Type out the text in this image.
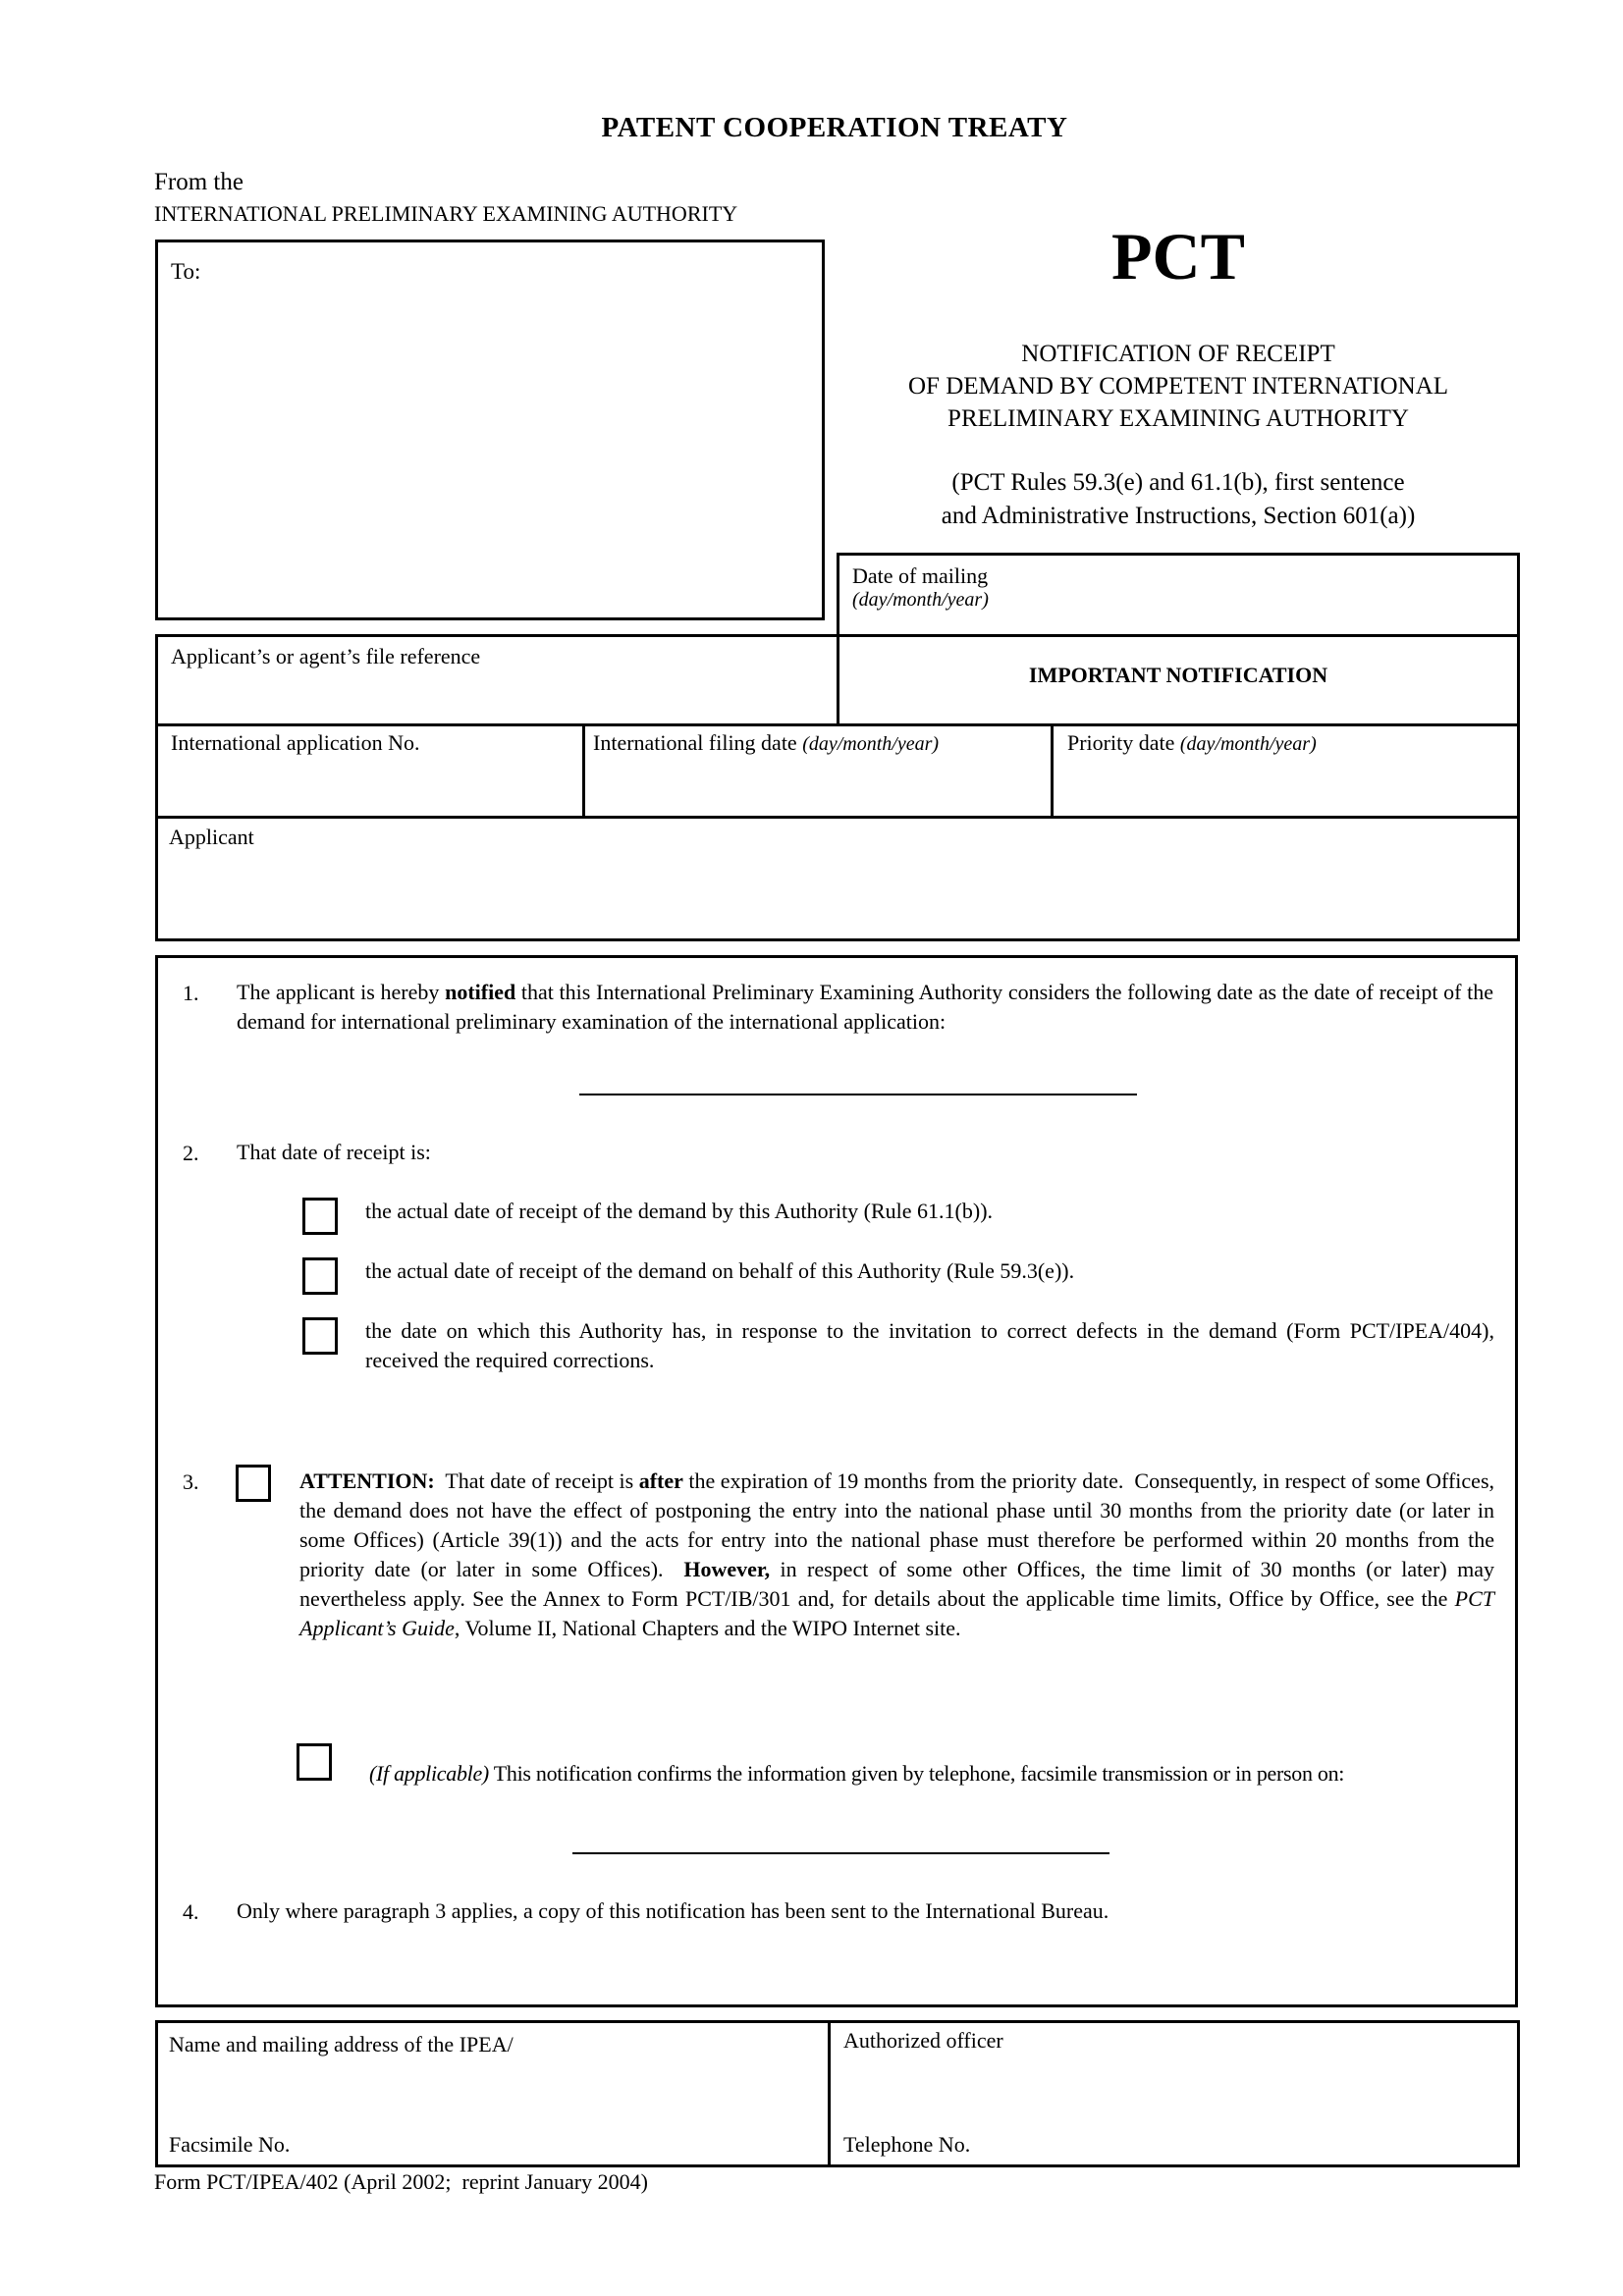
PATENT COOPERATION TREATY
From the
INTERNATIONAL PRELIMINARY EXAMINING AUTHORITY
To:	PCT
NOTIFICATION OF RECEIPT
OF DEMAND BY COMPETENT INTERNATIONAL
PRELIMINARY EXAMINING AUTHORITY
(PCT Rules 59.3(e) and 61.1(b), first sentence
and Administrative Instructions, Section 601(a))
Date of mailing
(day/month/year)
Applicant’s or agent’s file reference
IMPORTANT NOTIFICATION
International application No.	International filing date (day/month/year)	Priority date (day/month/year)
Applicant
1. The applicant is hereby notified that this International Preliminary Examining Authority considers the following date as the date of receipt of the demand for international preliminary examination of the international application:
2. That date of receipt is:
the actual date of receipt of the demand by this Authority (Rule 61.1(b)).
the actual date of receipt of the demand on behalf of this Authority (Rule 59.3(e)).
the date on which this Authority has, in response to the invitation to correct defects in the demand (Form PCT/IPEA/404), received the required corrections.
3.	ATTENTION:  That date of receipt is after the expiration of 19 months from the priority date.  Consequently, in respect of some Offices, the demand does not have the effect of postponing the entry into the national phase until 30 months from the priority date (or later in some Offices) (Article 39(1)) and the acts for entry into the national phase must therefore be performed within 20 months from the priority date (or later in some Offices).  However, in respect of some other Offices, the time limit of 30 months (or later) may nevertheless apply. See the Annex to Form PCT/IB/301 and, for details about the applicable time limits, Office by Office, see the PCT Applicant’s Guide, Volume II, National Chapters and the WIPO Internet site.
(If applicable) This notification confirms the information given by telephone, facsimile transmission or in person on:
4. Only where paragraph 3 applies, a copy of this notification has been sent to the International Bureau.
Name and mailing address of the IPEA/
Facsimile No.
Authorized officer
Telephone No.
Form PCT/IPEA/402 (April 2002;  reprint January 2004)
